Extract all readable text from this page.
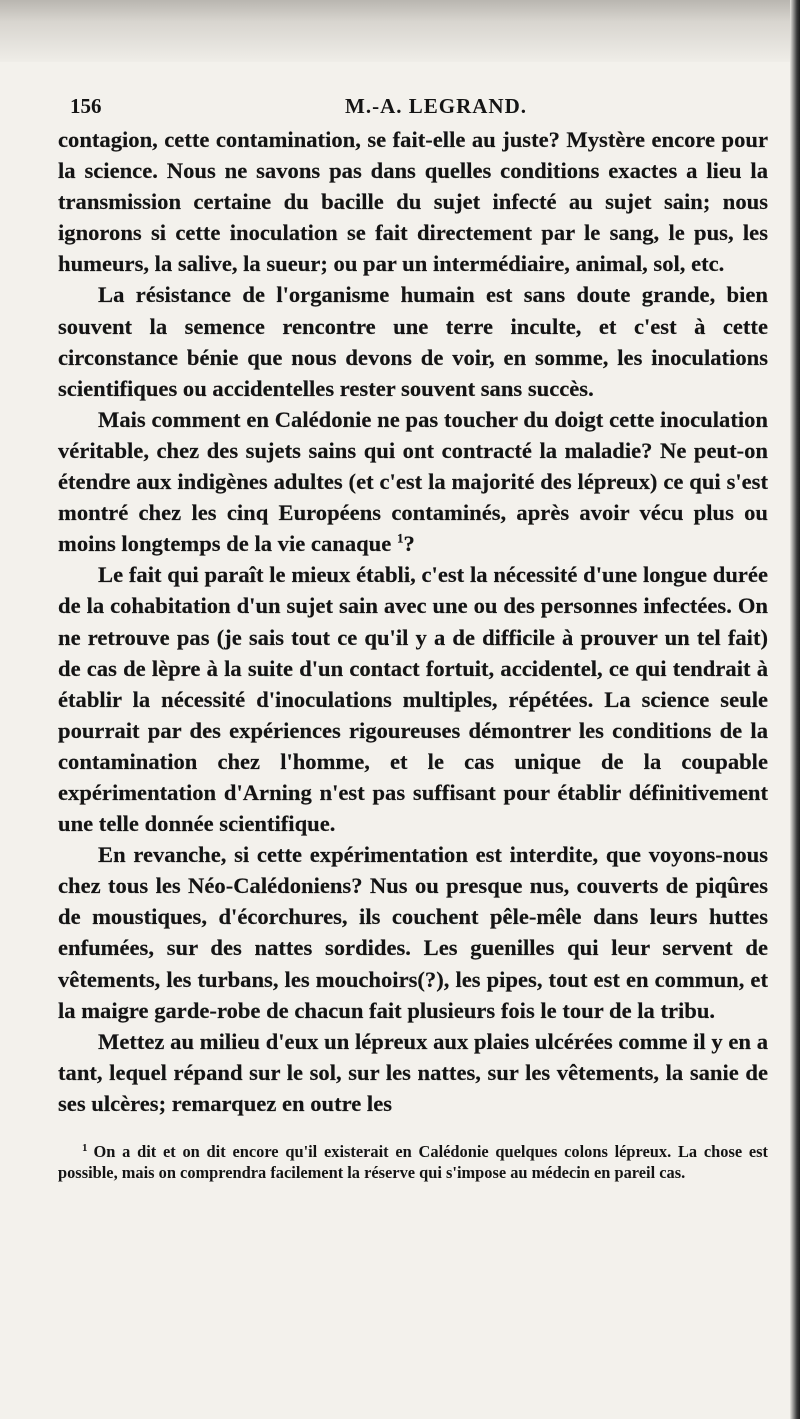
156	M.-A. LEGRAND.

contagion, cette contamination, se fait-elle au juste? Mystère encore pour la science. Nous ne savons pas dans quelles conditions exactes a lieu la transmission certaine du bacille du sujet infecté au sujet sain; nous ignorons si cette inoculation se fait directement par le sang, le pus, les humeurs, la salive, la sueur; ou par un intermédiaire, animal, sol, etc.

La résistance de l'organisme humain est sans doute grande, bien souvent la semence rencontre une terre inculte, et c'est à cette circonstance bénie que nous devons de voir, en somme, les inoculations scientifiques ou accidentelles rester souvent sans succès.

Mais comment en Calédonie ne pas toucher du doigt cette inoculation véritable, chez des sujets sains qui ont contracté la maladie? Ne peut-on étendre aux indigènes adultes (et c'est la majorité des lépreux) ce qui s'est montré chez les cinq Européens contaminés, après avoir vécu plus ou moins longtemps de la vie canaque $^1$?

Le fait qui paraît le mieux établi, c'est la nécessité d'une longue durée de la cohabitation d'un sujet sain avec une ou des personnes infectées. On ne retrouve pas (je sais tout ce qu'il y a de difficile à prouver un tel fait) de cas de lèpre à la suite d'un contact fortuit, accidentel, ce qui tendrait à établir la nécessité d'inoculations multiples, répétées. La science seule pourrait par des expériences rigoureuses démontrer les conditions de la contamination chez l'homme, et le cas unique de la coupable expérimentation d'Arning n'est pas suffisant pour établir définitivement une telle donnée scientifique.

En revanche, si cette expérimentation est interdite, que voyons-nous chez tous les Néo-Calédoniens? Nus ou presque nus, couverts de piqûres de moustiques, d'écorchures, ils couchent pêle-mêle dans leurs huttes enfumées, sur des nattes sordides. Les guenilles qui leur servent de vêtements, les turbans, les mouchoirs(?), les pipes, tout est en commun, et la maigre garde-robe de chacun fait plusieurs fois le tour de la tribu.

Mettez au milieu d'eux un lépreux aux plaies ulcérées comme il y en a tant, lequel répand sur le sol, sur les nattes, sur les vêtements, la sanie de ses ulcères; remarquez en outre les

$^1$ On a dit et on dit encore qu'il existerait en Calédonie quelques colons lépreux. La chose est possible, mais on comprendra facilement la réserve qui s'impose au médecin en pareil cas.
